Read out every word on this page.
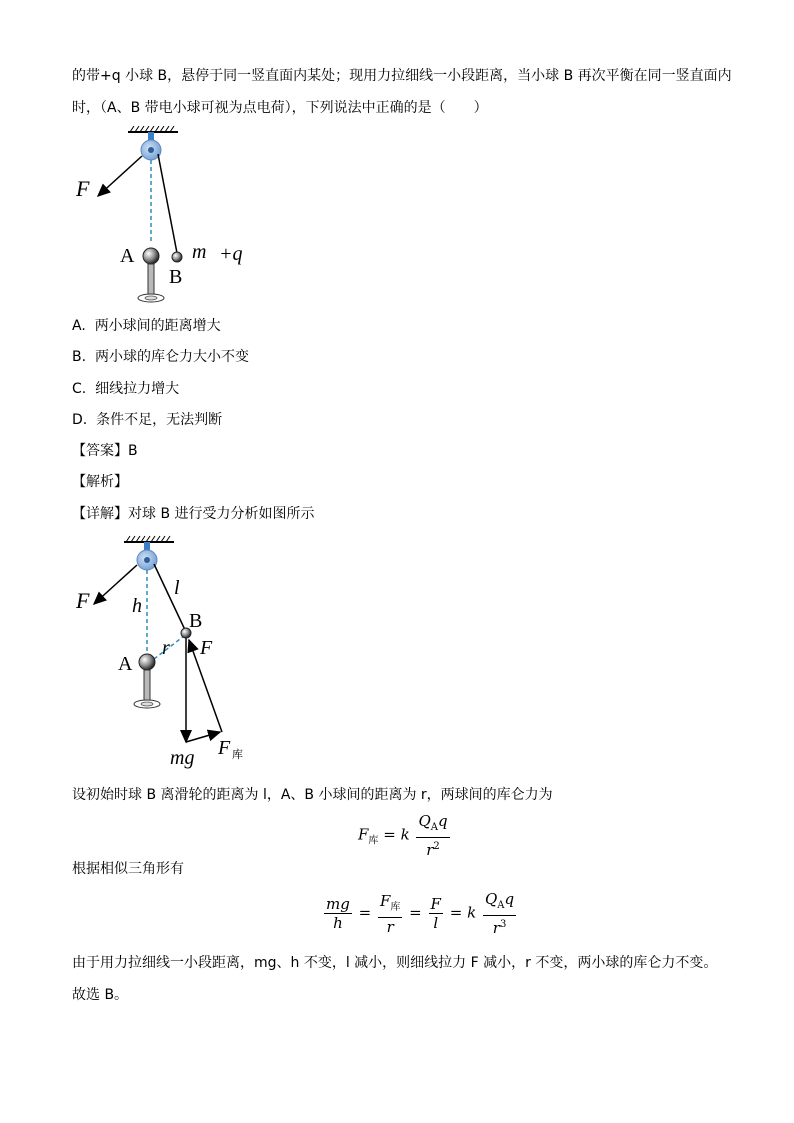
的带+q 小球 B，悬停于同一竖直面内某处；现用力拉细线一小段距离，当小球 B 再次平衡在同一竖直面内
时，（A、B 带电小球可视为点电荷），下列说法中正确的是（　　）
F
A
B
m +q
A. 两小球间的距离增大
B. 两小球的库仑力大小不变
C. 细线拉力增大
D. 条件不足，无法判断
【答案】B
【解析】
【详解】对球 B 进行受力分析如图所示
F h
l
B
F
A
r
mg F 库
设初始时球 B 离滑轮的距离为 l，A、B 小球间的距离为 r，两球间的库仑力为
$F_库 = k \frac{Q_Aq}{r^2}$
根据相似三角形有
$\frac{mg}{h} = \frac{F_库}{r} = \frac{F}{l} = k \frac{Q_Aq}{r^3}$
由于用力拉细线一小段距离，mg、h 不变，l 减小，则细线拉力 F 减小，r 不变，两小球的库仑力不变。
故选 B。
